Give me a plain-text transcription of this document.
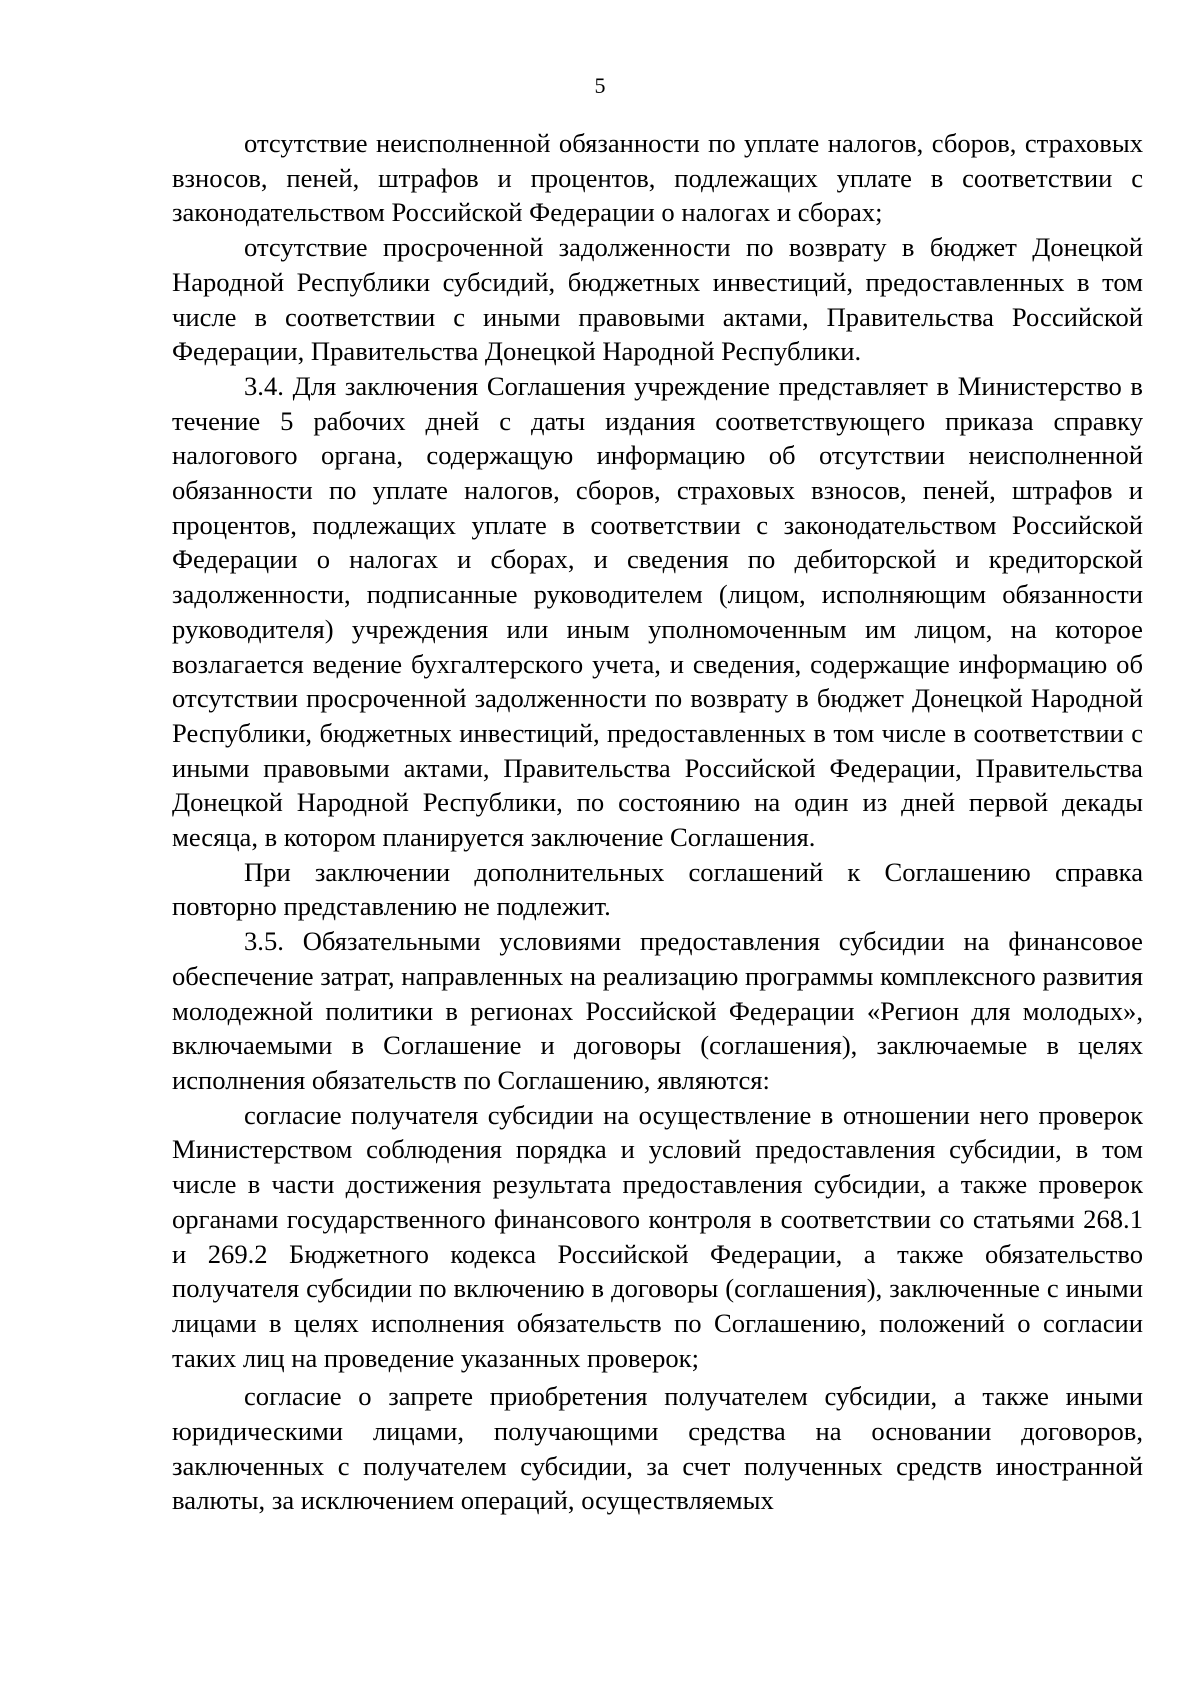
5

отсутствие неисполненной обязанности по уплате налогов, сборов, страховых взносов, пеней, штрафов и процентов, подлежащих уплате в соответствии с законодательством Российской Федерации о налогах и сборах;

отсутствие просроченной задолженности по возврату в бюджет Донецкой Народной Республики субсидий, бюджетных инвестиций, предоставленных в том числе в соответствии с иными правовыми актами, Правительства Российской Федерации, Правительства Донецкой Народной Республики.

3.4. Для заключения Соглашения учреждение представляет в Министерство в течение 5 рабочих дней с даты издания соответствующего приказа справку налогового органа, содержащую информацию об отсутствии неисполненной обязанности по уплате налогов, сборов, страховых взносов, пеней, штрафов и процентов, подлежащих уплате в соответствии с законодательством Российской Федерации о налогах и сборах, и сведения по дебиторской и кредиторской задолженности, подписанные руководителем (лицом, исполняющим обязанности руководителя) учреждения или иным уполномоченным им лицом, на которое возлагается ведение бухгалтерского учета, и сведения, содержащие информацию об отсутствии просроченной задолженности по возврату в бюджет Донецкой Народной Республики, бюджетных инвестиций, предоставленных в том числе в соответствии с иными правовыми актами, Правительства Российской Федерации, Правительства Донецкой Народной Республики, по состоянию на один из дней первой декады месяца, в котором планируется заключение Соглашения.

При заключении дополнительных соглашений к Соглашению справка повторно представлению не подлежит.

3.5. Обязательными условиями предоставления субсидии на финансовое обеспечение затрат, направленных на реализацию программы комплексного развития молодежной политики в регионах Российской Федерации «Регион для молодых», включаемыми в Соглашение и договоры (соглашения), заключаемые в целях исполнения обязательств по Соглашению, являются:

согласие получателя субсидии на осуществление в отношении него проверок Министерством соблюдения порядка и условий предоставления субсидии, в том числе в части достижения результата предоставления субсидии, а также проверок органами государственного финансового контроля в соответствии со статьями 268.1 и 269.2 Бюджетного кодекса Российской Федерации, а также обязательство получателя субсидии по включению в договоры (соглашения), заключенные с иными лицами в целях исполнения обязательств по Соглашению, положений о согласии таких лиц на проведение указанных проверок;

согласие о запрете приобретения получателем субсидии, а также иными юридическими лицами, получающими средства на основании договоров, заключенных с получателем субсидии, за счет полученных средств иностранной валюты, за исключением операций, осуществляемых
